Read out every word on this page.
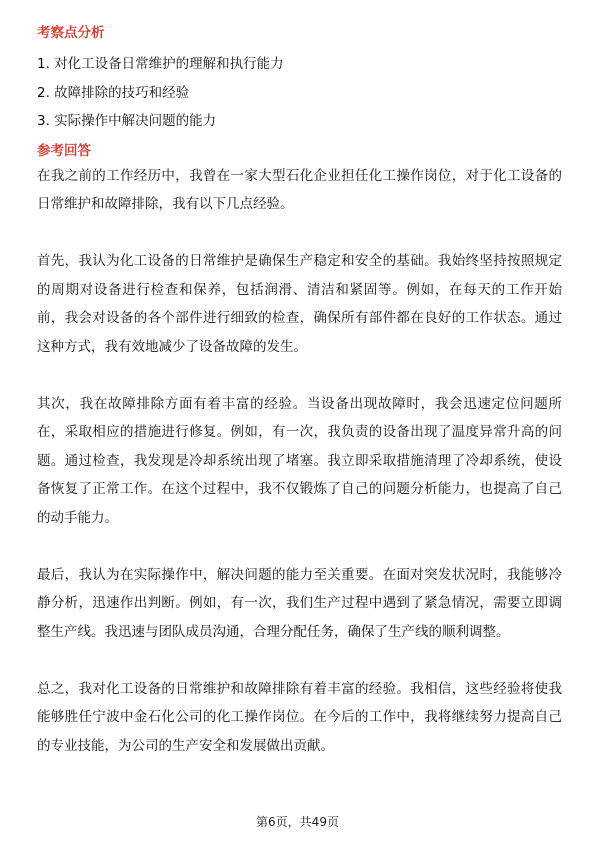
考察点分析
1. 对化工设备日常维护的理解和执行能力
2. 故障排除的技巧和经验
3. 实际操作中解决问题的能力
参考回答

在我之前的工作经历中，我曾在一家大型石化企业担任化工操作岗位，对于化工设备的日常维护和故障排除，我有以下几点经验。

首先，我认为化工设备的日常维护是确保生产稳定和安全的基础。我始终坚持按照规定的周期对设备进行检查和保养，包括润滑、清洁和紧固等。例如，在每天的工作开始前，我会对设备的各个部件进行细致的检查，确保所有部件都在良好的工作状态。通过这种方式，我有效地减少了设备故障的发生。

其次，我在故障排除方面有着丰富的经验。当设备出现故障时，我会迅速定位问题所在，采取相应的措施进行修复。例如，有一次，我负责的设备出现了温度异常升高的问题。通过检查，我发现是冷却系统出现了堵塞。我立即采取措施清理了冷却系统，使设备恢复了正常工作。在这个过程中，我不仅锻炼了自己的问题分析能力，也提高了自己的动手能力。

最后，我认为在实际操作中，解决问题的能力至关重要。在面对突发状况时，我能够冷静分析，迅速作出判断。例如，有一次，我们生产过程中遇到了紧急情况，需要立即调整生产线。我迅速与团队成员沟通，合理分配任务，确保了生产线的顺利调整。

总之，我对化工设备的日常维护和故障排除有着丰富的经验。我相信，这些经验将使我能够胜任宁波中金石化公司的化工操作岗位。在今后的工作中，我将继续努力提高自己的专业技能，为公司的生产安全和发展做出贡献。

第6页，共49页
